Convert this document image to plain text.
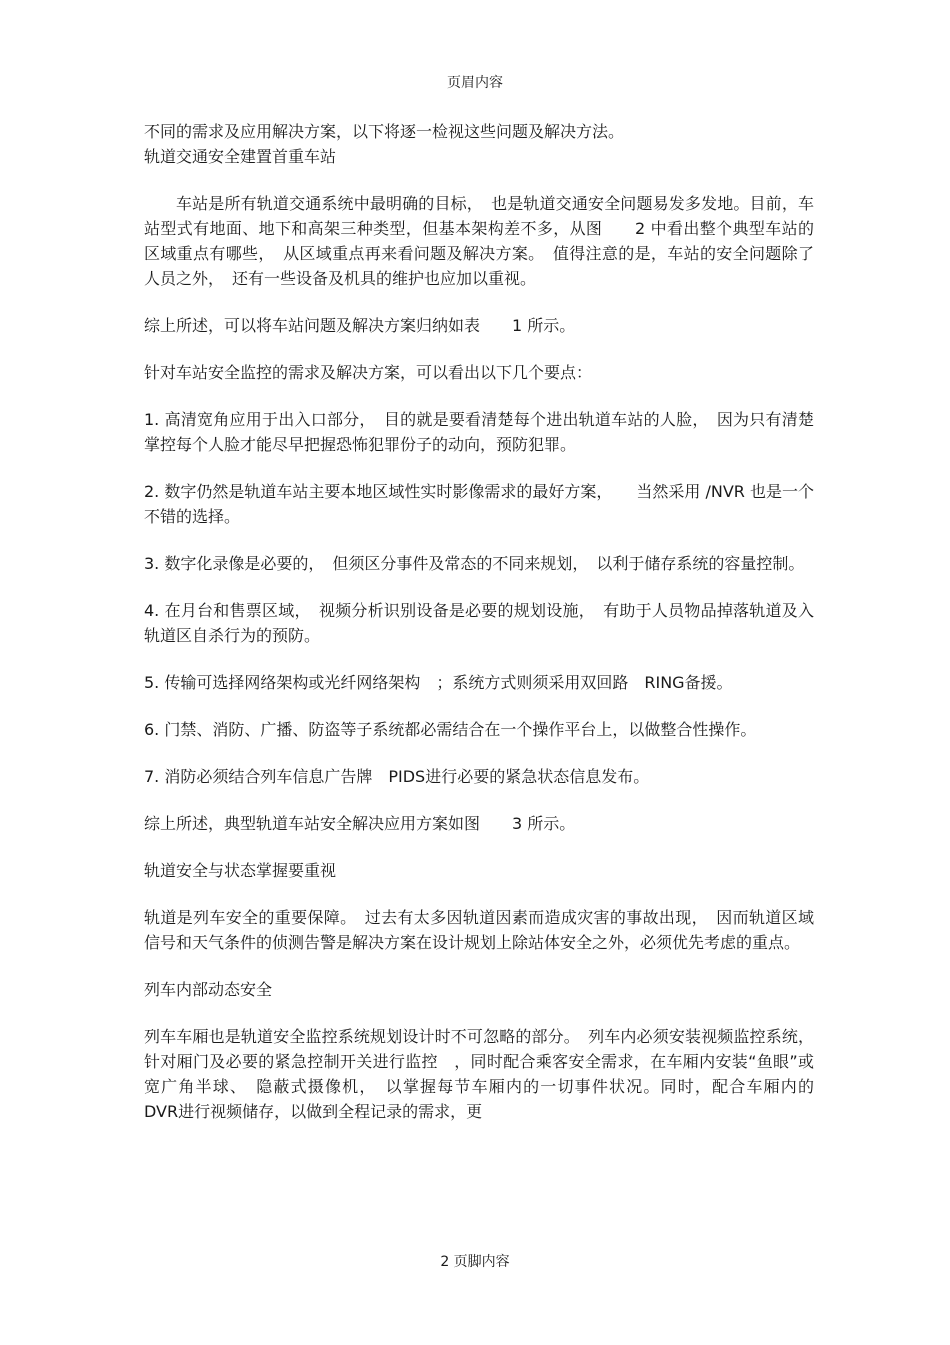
页眉内容

不同的需求及应用解决方案，以下将逐一检视这些问题及解决方法。

轨道交通安全建置首重车站

车站是所有轨道交通系统中最明确的目标，　也是轨道交通安全问题易发多发地。目前，车站型式有地面、地下和高架三种类型，但基本架构差不多，从图　　2 中看出整个典型车站的区域重点有哪些，　从区域重点再来看问题及解决方案。　值得注意的是，车站的安全问题除了人员之外，　还有一些设备及机具的维护也应加以重视。

综上所述，可以将车站问题及解决方案归纳如表　　1 所示。

针对车站安全监控的需求及解决方案，可以看出以下几个要点：

1. 高清宽角应用于出入口部分，　目的就是要看清楚每个进出轨道车站的人脸，　因为只有清楚掌控每个人脸才能尽早把握恐怖犯罪份子的动向，预防犯罪。

2. 数字仍然是轨道车站主要本地区域性实时影像需求的最好方案，　　当然采用 /NVR 也是一个不错的选择。

3. 数字化录像是必要的，　但须区分事件及常态的不同来规划，　以利于储存系统的容量控制。

4. 在月台和售票区域，　视频分析识别设备是必要的规划设施，　有助于人员物品掉落轨道及入轨道区自杀行为的预防。

5. 传输可选择网络架构或光纤网络架构　；系统方式则须采用双回路　RING备援。

6. 门禁、消防、广播、防盗等子系统都必需结合在一个操作平台上，以做整合性操作。

7. 消防必须结合列车信息广告牌　PIDS进行必要的紧急状态信息发布。

综上所述，典型轨道车站安全解决应用方案如图　　3 所示。

轨道安全与状态掌握要重视

轨道是列车安全的重要保障。　过去有太多因轨道因素而造成灾害的事故出现，　因而轨道区域信号和天气条件的侦测告警是解决方案在设计规划上除站体安全之外，必须优先考虑的重点。

列车内部动态安全

列车车厢也是轨道安全监控系统规划设计时不可忽略的部分。　列车内必须安装视频监控系统，针对厢门及必要的紧急控制开关进行监控　，同时配合乘客安全需求，在车厢内安装“鱼眼”或宽广角半球、　隐蔽式摄像机，　以掌握每节车厢内的一切事件状况。同时，配合车厢内的　DVR进行视频储存，以做到全程记录的需求，更

2 页脚内容
